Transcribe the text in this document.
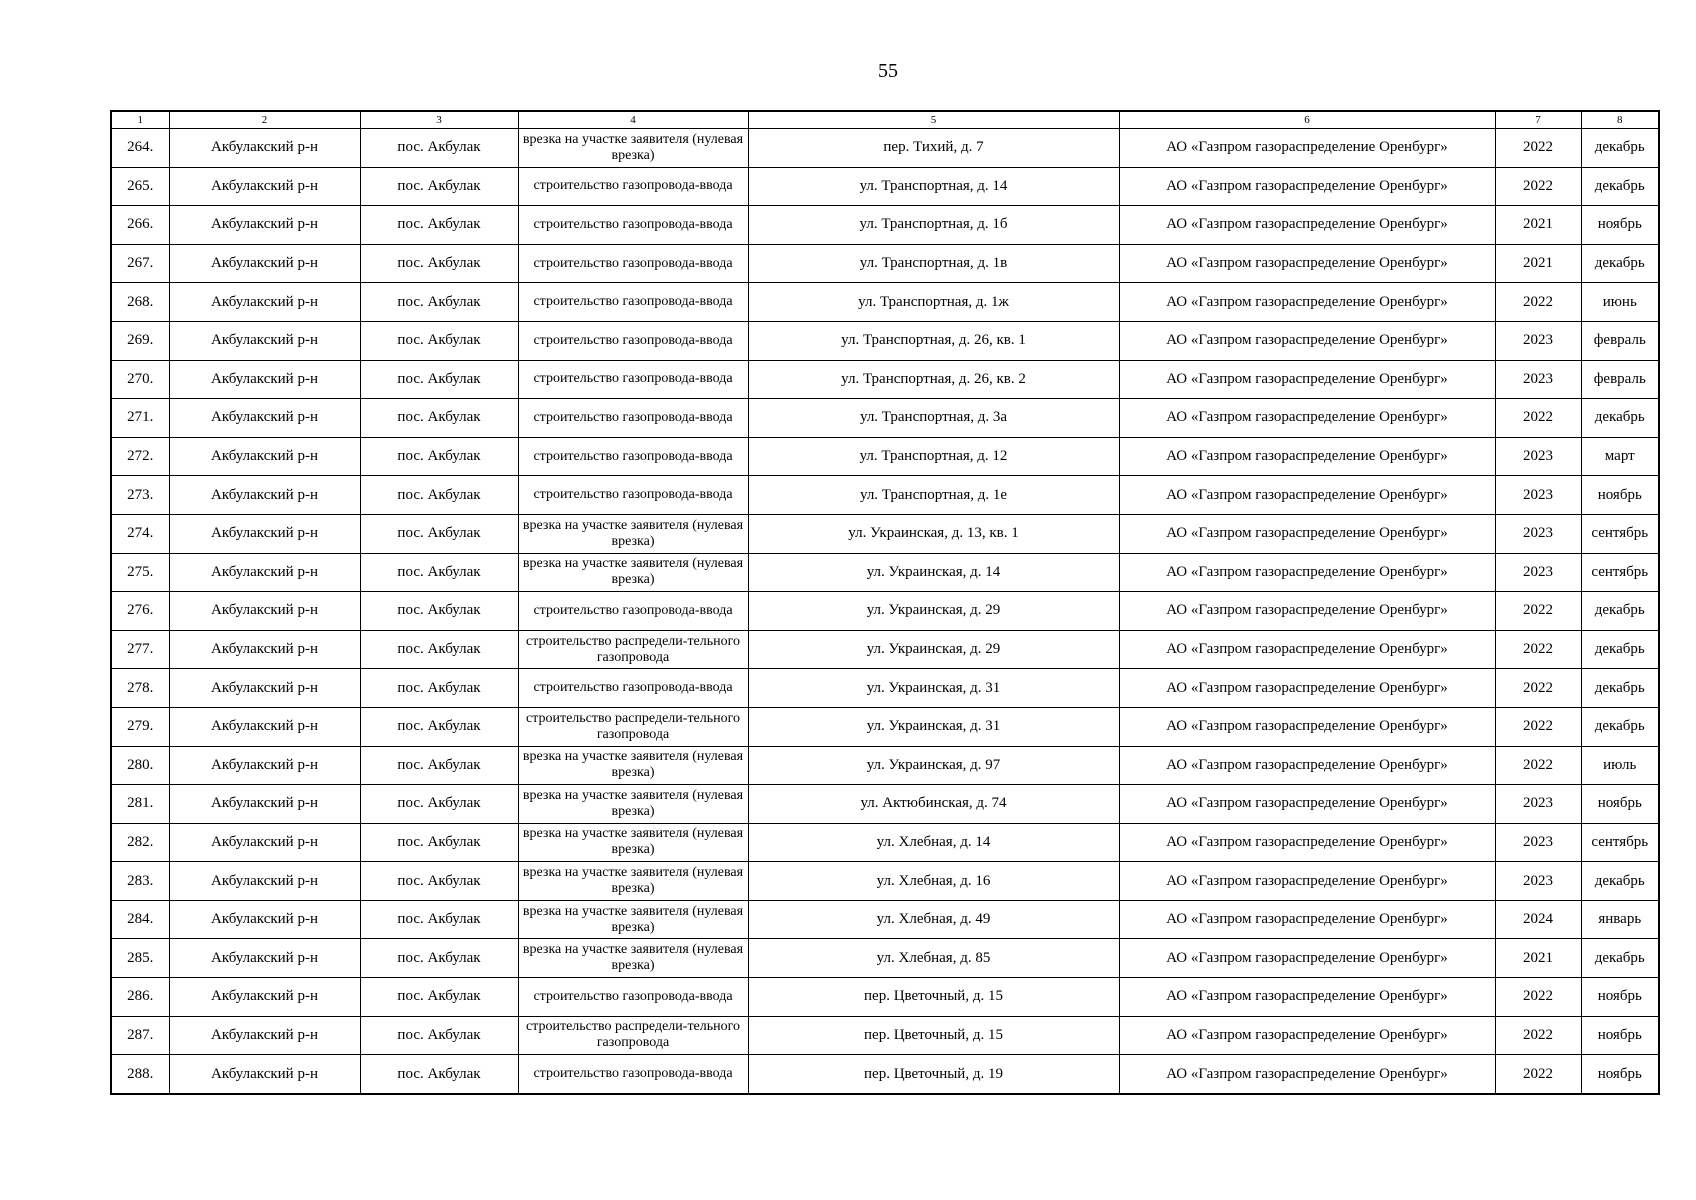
55
1	2	3	4	5	6	7	8
264.	Акбулакский р-н	пос. Акбулак	врезка на участке заявителя (нулевая врезка)	пер. Тихий, д. 7	АО «Газпром газораспределение Оренбург»	2022	декабрь
265.	Акбулакский р-н	пос. Акбулак	строительство газопровода-ввода	ул. Транспортная, д. 14	АО «Газпром газораспределение Оренбург»	2022	декабрь
266.	Акбулакский р-н	пос. Акбулак	строительство газопровода-ввода	ул. Транспортная, д. 1б	АО «Газпром газораспределение Оренбург»	2021	ноябрь
267.	Акбулакский р-н	пос. Акбулак	строительство газопровода-ввода	ул. Транспортная, д. 1в	АО «Газпром газораспределение Оренбург»	2021	декабрь
268.	Акбулакский р-н	пос. Акбулак	строительство газопровода-ввода	ул. Транспортная, д. 1ж	АО «Газпром газораспределение Оренбург»	2022	июнь
269.	Акбулакский р-н	пос. Акбулак	строительство газопровода-ввода	ул. Транспортная, д. 26, кв. 1	АО «Газпром газораспределение Оренбург»	2023	февраль
270.	Акбулакский р-н	пос. Акбулак	строительство газопровода-ввода	ул. Транспортная, д. 26, кв. 2	АО «Газпром газораспределение Оренбург»	2023	февраль
271.	Акбулакский р-н	пос. Акбулак	строительство газопровода-ввода	ул. Транспортная, д. 3а	АО «Газпром газораспределение Оренбург»	2022	декабрь
272.	Акбулакский р-н	пос. Акбулак	строительство газопровода-ввода	ул. Транспортная, д. 12	АО «Газпром газораспределение Оренбург»	2023	март
273.	Акбулакский р-н	пос. Акбулак	строительство газопровода-ввода	ул. Транспортная, д. 1е	АО «Газпром газораспределение Оренбург»	2023	ноябрь
274.	Акбулакский р-н	пос. Акбулак	врезка на участке заявителя (нулевая врезка)	ул. Украинская, д. 13, кв. 1	АО «Газпром газораспределение Оренбург»	2023	сентябрь
275.	Акбулакский р-н	пос. Акбулак	врезка на участке заявителя (нулевая врезка)	ул. Украинская, д. 14	АО «Газпром газораспределение Оренбург»	2023	сентябрь
276.	Акбулакский р-н	пос. Акбулак	строительство газопровода-ввода	ул. Украинская, д. 29	АО «Газпром газораспределение Оренбург»	2022	декабрь
277.	Акбулакский р-н	пос. Акбулак	строительство распредели-тельного газопровода	ул. Украинская, д. 29	АО «Газпром газораспределение Оренбург»	2022	декабрь
278.	Акбулакский р-н	пос. Акбулак	строительство газопровода-ввода	ул. Украинская, д. 31	АО «Газпром газораспределение Оренбург»	2022	декабрь
279.	Акбулакский р-н	пос. Акбулак	строительство распредели-тельного газопровода	ул. Украинская, д. 31	АО «Газпром газораспределение Оренбург»	2022	декабрь
280.	Акбулакский р-н	пос. Акбулак	врезка на участке заявителя (нулевая врезка)	ул. Украинская, д. 97	АО «Газпром газораспределение Оренбург»	2022	июль
281.	Акбулакский р-н	пос. Акбулак	врезка на участке заявителя (нулевая врезка)	ул. Актюбинская, д. 74	АО «Газпром газораспределение Оренбург»	2023	ноябрь
282.	Акбулакский р-н	пос. Акбулак	врезка на участке заявителя (нулевая врезка)	ул. Хлебная, д. 14	АО «Газпром газораспределение Оренбург»	2023	сентябрь
283.	Акбулакский р-н	пос. Акбулак	врезка на участке заявителя (нулевая врезка)	ул. Хлебная, д. 16	АО «Газпром газораспределение Оренбург»	2023	декабрь
284.	Акбулакский р-н	пос. Акбулак	врезка на участке заявителя (нулевая врезка)	ул. Хлебная, д. 49	АО «Газпром газораспределение Оренбург»	2024	январь
285.	Акбулакский р-н	пос. Акбулак	врезка на участке заявителя (нулевая врезка)	ул. Хлебная, д. 85	АО «Газпром газораспределение Оренбург»	2021	декабрь
286.	Акбулакский р-н	пос. Акбулак	строительство газопровода-ввода	пер. Цветочный, д. 15	АО «Газпром газораспределение Оренбург»	2022	ноябрь
287.	Акбулакский р-н	пос. Акбулак	строительство распредели-тельного газопровода	пер. Цветочный, д. 15	АО «Газпром газораспределение Оренбург»	2022	ноябрь
288.	Акбулакский р-н	пос. Акбулак	строительство газопровода-ввода	пер. Цветочный, д. 19	АО «Газпром газораспределение Оренбург»	2022	ноябрь
